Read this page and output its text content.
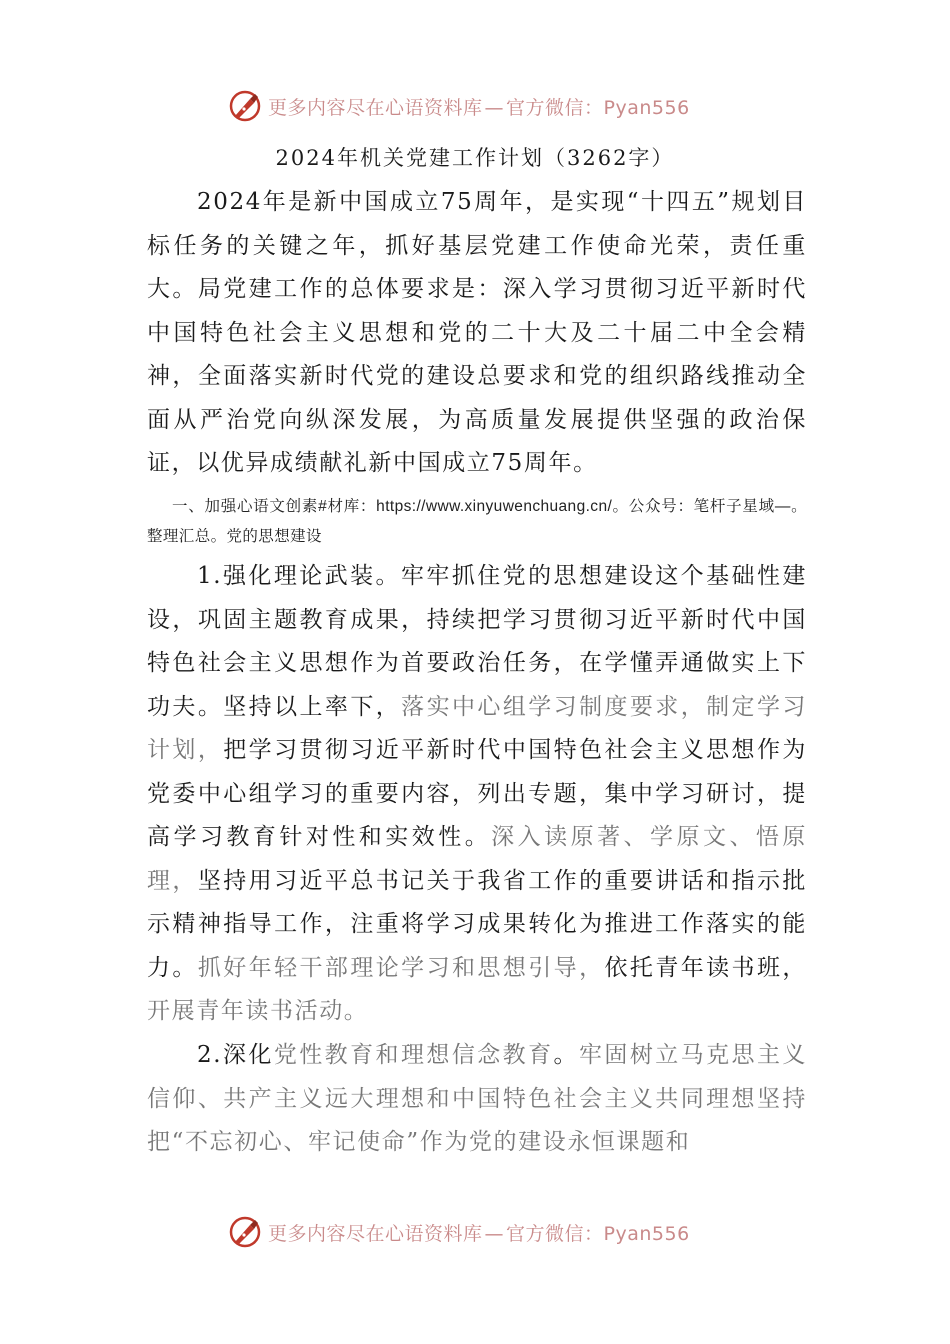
更多内容尽在心语资料库 — 官方微信：Pyan556
2024年机关党建工作计划（3262字）

2024年是新中国成立75周年，是实现“十四五”规划目标任务的关键之年，抓好基层党建工作使命光荣，责任重大。局党建工作的总体要求是：深入学习贯彻习近平新时代中国特色社会主义思想和党的二十大及二十届二中全会精神，全面落实新时代党的建设总要求和党的组织路线推动全面从严治党向纵深发展，为高质量发展提供坚强的政治保证，以优异成绩献礼新中国成立75周年。

一、加强心语文创素#材库：https://www.xinyuwenchuang.cn/。公众号：笔杆子星域—。整理汇总。党的思想建设

1.强化理论武装。牢牢抓住党的思想建设这个基础性建设，巩固主题教育成果，持续把学习贯彻习近平新时代中国特色社会主义思想作为首要政治任务，在学懂弄通做实上下功夫。坚持以上率下，落实中心组学习制度要求，制定学习计划，把学习贯彻习近平新时代中国特色社会主义思想作为党委中心组学习的重要内容，列出专题，集中学习研讨，提高学习教育针对性和实效性。深入读原著、学原文、悟原理，坚持用习近平总书记关于我省工作的重要讲话和指示批示精神指导工作，注重将学习成果转化为推进工作落实的能力。抓好年轻干部理论学习和思想引导，依托青年读书班，开展青年读书活动。

2.深化党性教育和理想信念教育。牢固树立马克思主义信仰、共产主义远大理想和中国特色社会主义共同理想坚持把“不忘初心、牢记使命”作为党的建设永恒课题和

更多内容尽在心语资料库 — 官方微信：Pyan556
